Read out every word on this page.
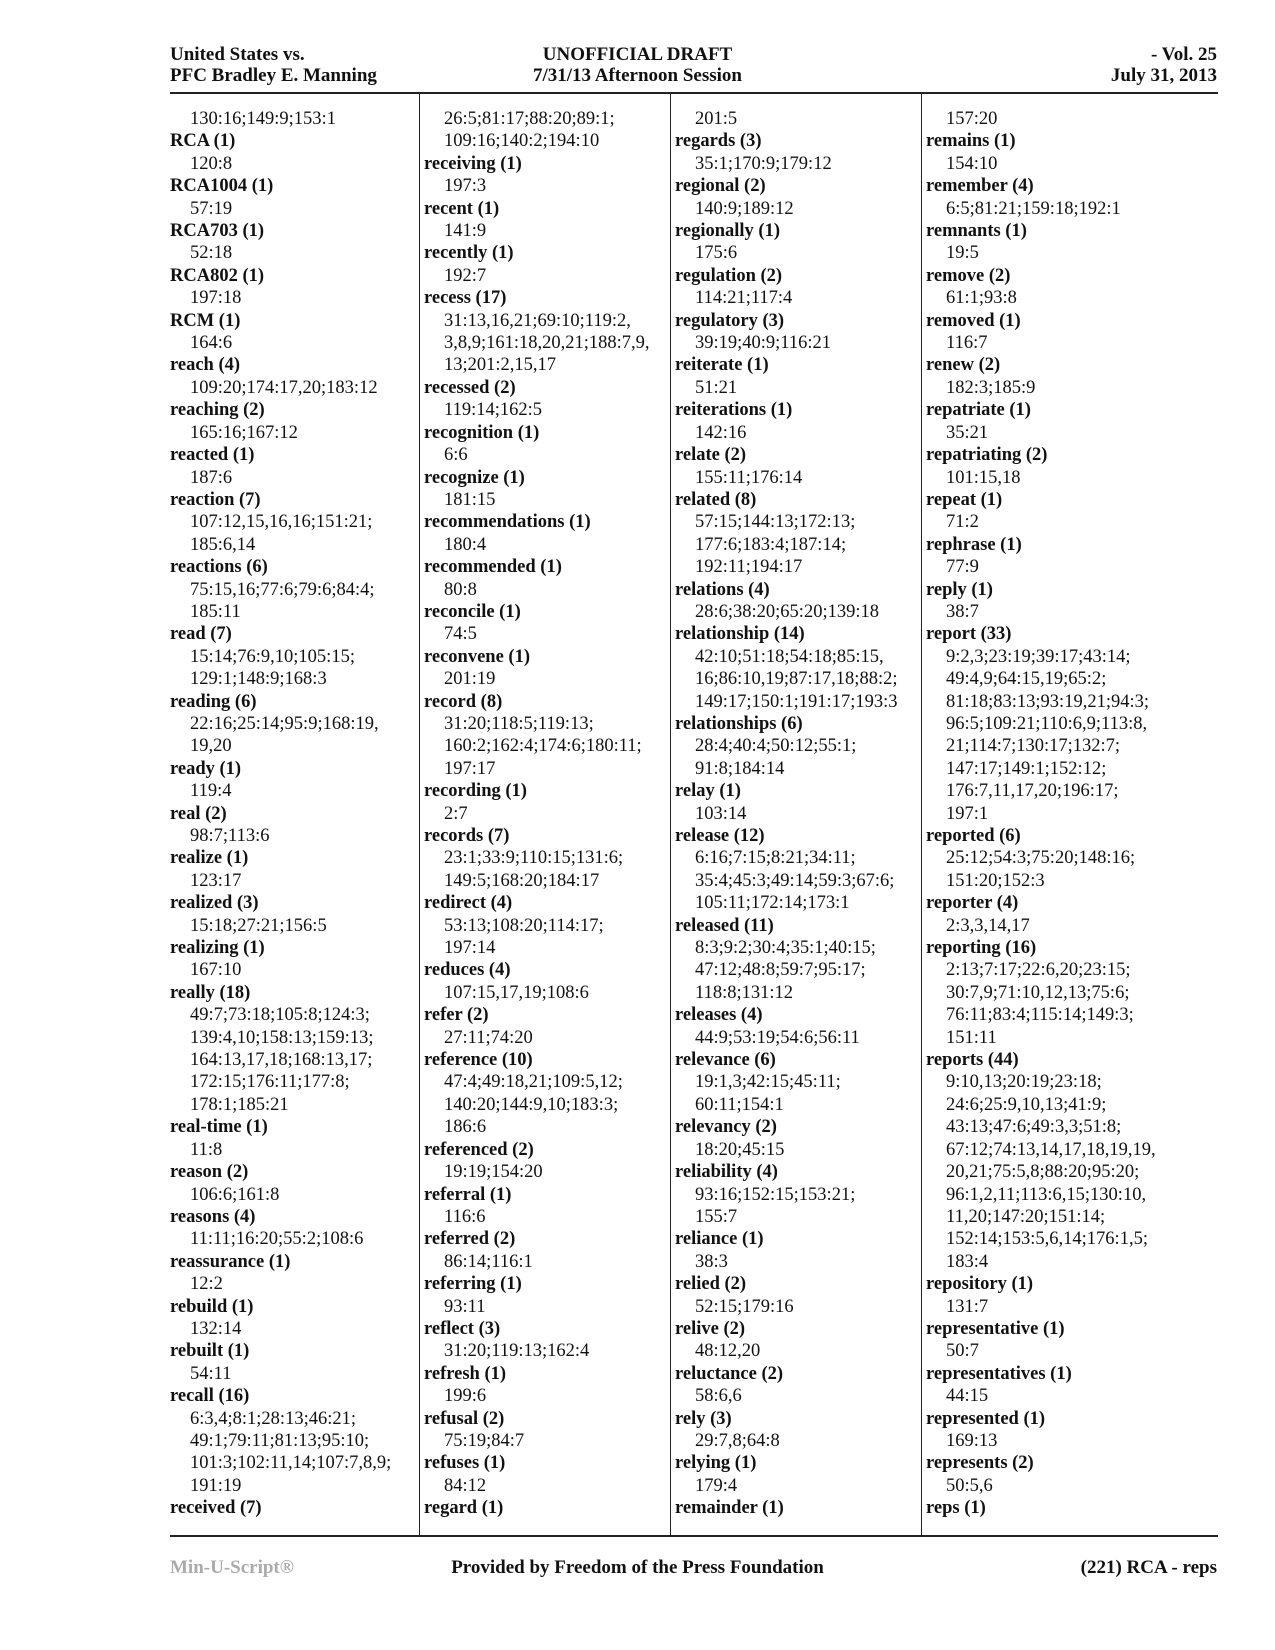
United States vs.
PFC Bradley E. Manning
UNOFFICIAL DRAFT
7/31/13 Afternoon Session
- Vol. 25
July 31, 2013
130:16;149:9;153:1
RCA (1)
120:8
RCA1004 (1)
57:19
RCA703 (1)
52:18
RCA802 (1)
197:18
RCM (1)
164:6
reach (4)
109:20;174:17,20;183:12
reaching (2)
165:16;167:12
reacted (1)
187:6
reaction (7)
107:12,15,16,16;151:21;
185:6,14
reactions (6)
75:15,16;77:6;79:6;84:4;
185:11
read (7)
15:14;76:9,10;105:15;
129:1;148:9;168:3
reading (6)
22:16;25:14;95:9;168:19,
19,20
ready (1)
119:4
real (2)
98:7;113:6
realize (1)
123:17
realized (3)
15:18;27:21;156:5
realizing (1)
167:10
really (18)
49:7;73:18;105:8;124:3;
139:4,10;158:13;159:13;
164:13,17,18;168:13,17;
172:15;176:11;177:8;
178:1;185:21
real-time (1)
11:8
reason (2)
106:6;161:8
reasons (4)
11:11;16:20;55:2;108:6
reassurance (1)
12:2
rebuild (1)
132:14
rebuilt (1)
54:11
recall (16)
6:3,4;8:1;28:13;46:21;
49:1;79:11;81:13;95:10;
101:3;102:11,14;107:7,8,9;
191:19
received (7)
26:5;81:17;88:20;89:1;
109:16;140:2;194:10
receiving (1)
197:3
recent (1)
141:9
recently (1)
192:7
recess (17)
31:13,16,21;69:10;119:2,
3,8,9;161:18,20,21;188:7,9,
13;201:2,15,17
recessed (2)
119:14;162:5
recognition (1)
6:6
recognize (1)
181:15
recommendations (1)
180:4
recommended (1)
80:8
reconcile (1)
74:5
reconvene (1)
201:19
record (8)
31:20;118:5;119:13;
160:2;162:4;174:6;180:11;
197:17
recording (1)
2:7
records (7)
23:1;33:9;110:15;131:6;
149:5;168:20;184:17
redirect (4)
53:13;108:20;114:17;
197:14
reduces (4)
107:15,17,19;108:6
refer (2)
27:11;74:20
reference (10)
47:4;49:18,21;109:5,12;
140:20;144:9,10;183:3;
186:6
referenced (2)
19:19;154:20
referral (1)
116:6
referred (2)
86:14;116:1
referring (1)
93:11
reflect (3)
31:20;119:13;162:4
refresh (1)
199:6
refusal (2)
75:19;84:7
refuses (1)
84:12
regard (1)
201:5
regards (3)
35:1;170:9;179:12
regional (2)
140:9;189:12
regionally (1)
175:6
regulation (2)
114:21;117:4
regulatory (3)
39:19;40:9;116:21
reiterate (1)
51:21
reiterations (1)
142:16
relate (2)
155:11;176:14
related (8)
57:15;144:13;172:13;
177:6;183:4;187:14;
192:11;194:17
relations (4)
28:6;38:20;65:20;139:18
relationship (14)
42:10;51:18;54:18;85:15,
16;86:10,19;87:17,18;88:2;
149:17;150:1;191:17;193:3
relationships (6)
28:4;40:4;50:12;55:1;
91:8;184:14
relay (1)
103:14
release (12)
6:16;7:15;8:21;34:11;
35:4;45:3;49:14;59:3;67:6;
105:11;172:14;173:1
released (11)
8:3;9:2;30:4;35:1;40:15;
47:12;48:8;59:7;95:17;
118:8;131:12
releases (4)
44:9;53:19;54:6;56:11
relevance (6)
19:1,3;42:15;45:11;
60:11;154:1
relevancy (2)
18:20;45:15
reliability (4)
93:16;152:15;153:21;
155:7
reliance (1)
38:3
relied (2)
52:15;179:16
relive (2)
48:12,20
reluctance (2)
58:6,6
rely (3)
29:7,8;64:8
relying (1)
179:4
remainder (1)
157:20
remains (1)
154:10
remember (4)
6:5;81:21;159:18;192:1
remnants (1)
19:5
remove (2)
61:1;93:8
removed (1)
116:7
renew (2)
182:3;185:9
repatriate (1)
35:21
repatriating (2)
101:15,18
repeat (1)
71:2
rephrase (1)
77:9
reply (1)
38:7
report (33)
9:2,3;23:19;39:17;43:14;
49:4,9;64:15,19;65:2;
81:18;83:13;93:19,21;94:3;
96:5;109:21;110:6,9;113:8,
21;114:7;130:17;132:7;
147:17;149:1;152:12;
176:7,11,17,20;196:17;
197:1
reported (6)
25:12;54:3;75:20;148:16;
151:20;152:3
reporter (4)
2:3,3,14,17
reporting (16)
2:13;7:17;22:6,20;23:15;
30:7,9;71:10,12,13;75:6;
76:11;83:4;115:14;149:3;
151:11
reports (44)
9:10,13;20:19;23:18;
24:6;25:9,10,13;41:9;
43:13;47:6;49:3,3;51:8;
67:12;74:13,14,17,18,19,19,
20,21;75:5,8;88:20;95:20;
96:1,2,11;113:6,15;130:10,
11,20;147:20;151:14;
152:14;153:5,6,14;176:1,5;
183:4
repository (1)
131:7
representative (1)
50:7
representatives (1)
44:15
represented (1)
169:13
represents (2)
50:5,6
reps (1)
Min-U-Script®	Provided by Freedom of the Press Foundation	(221) RCA - reps
